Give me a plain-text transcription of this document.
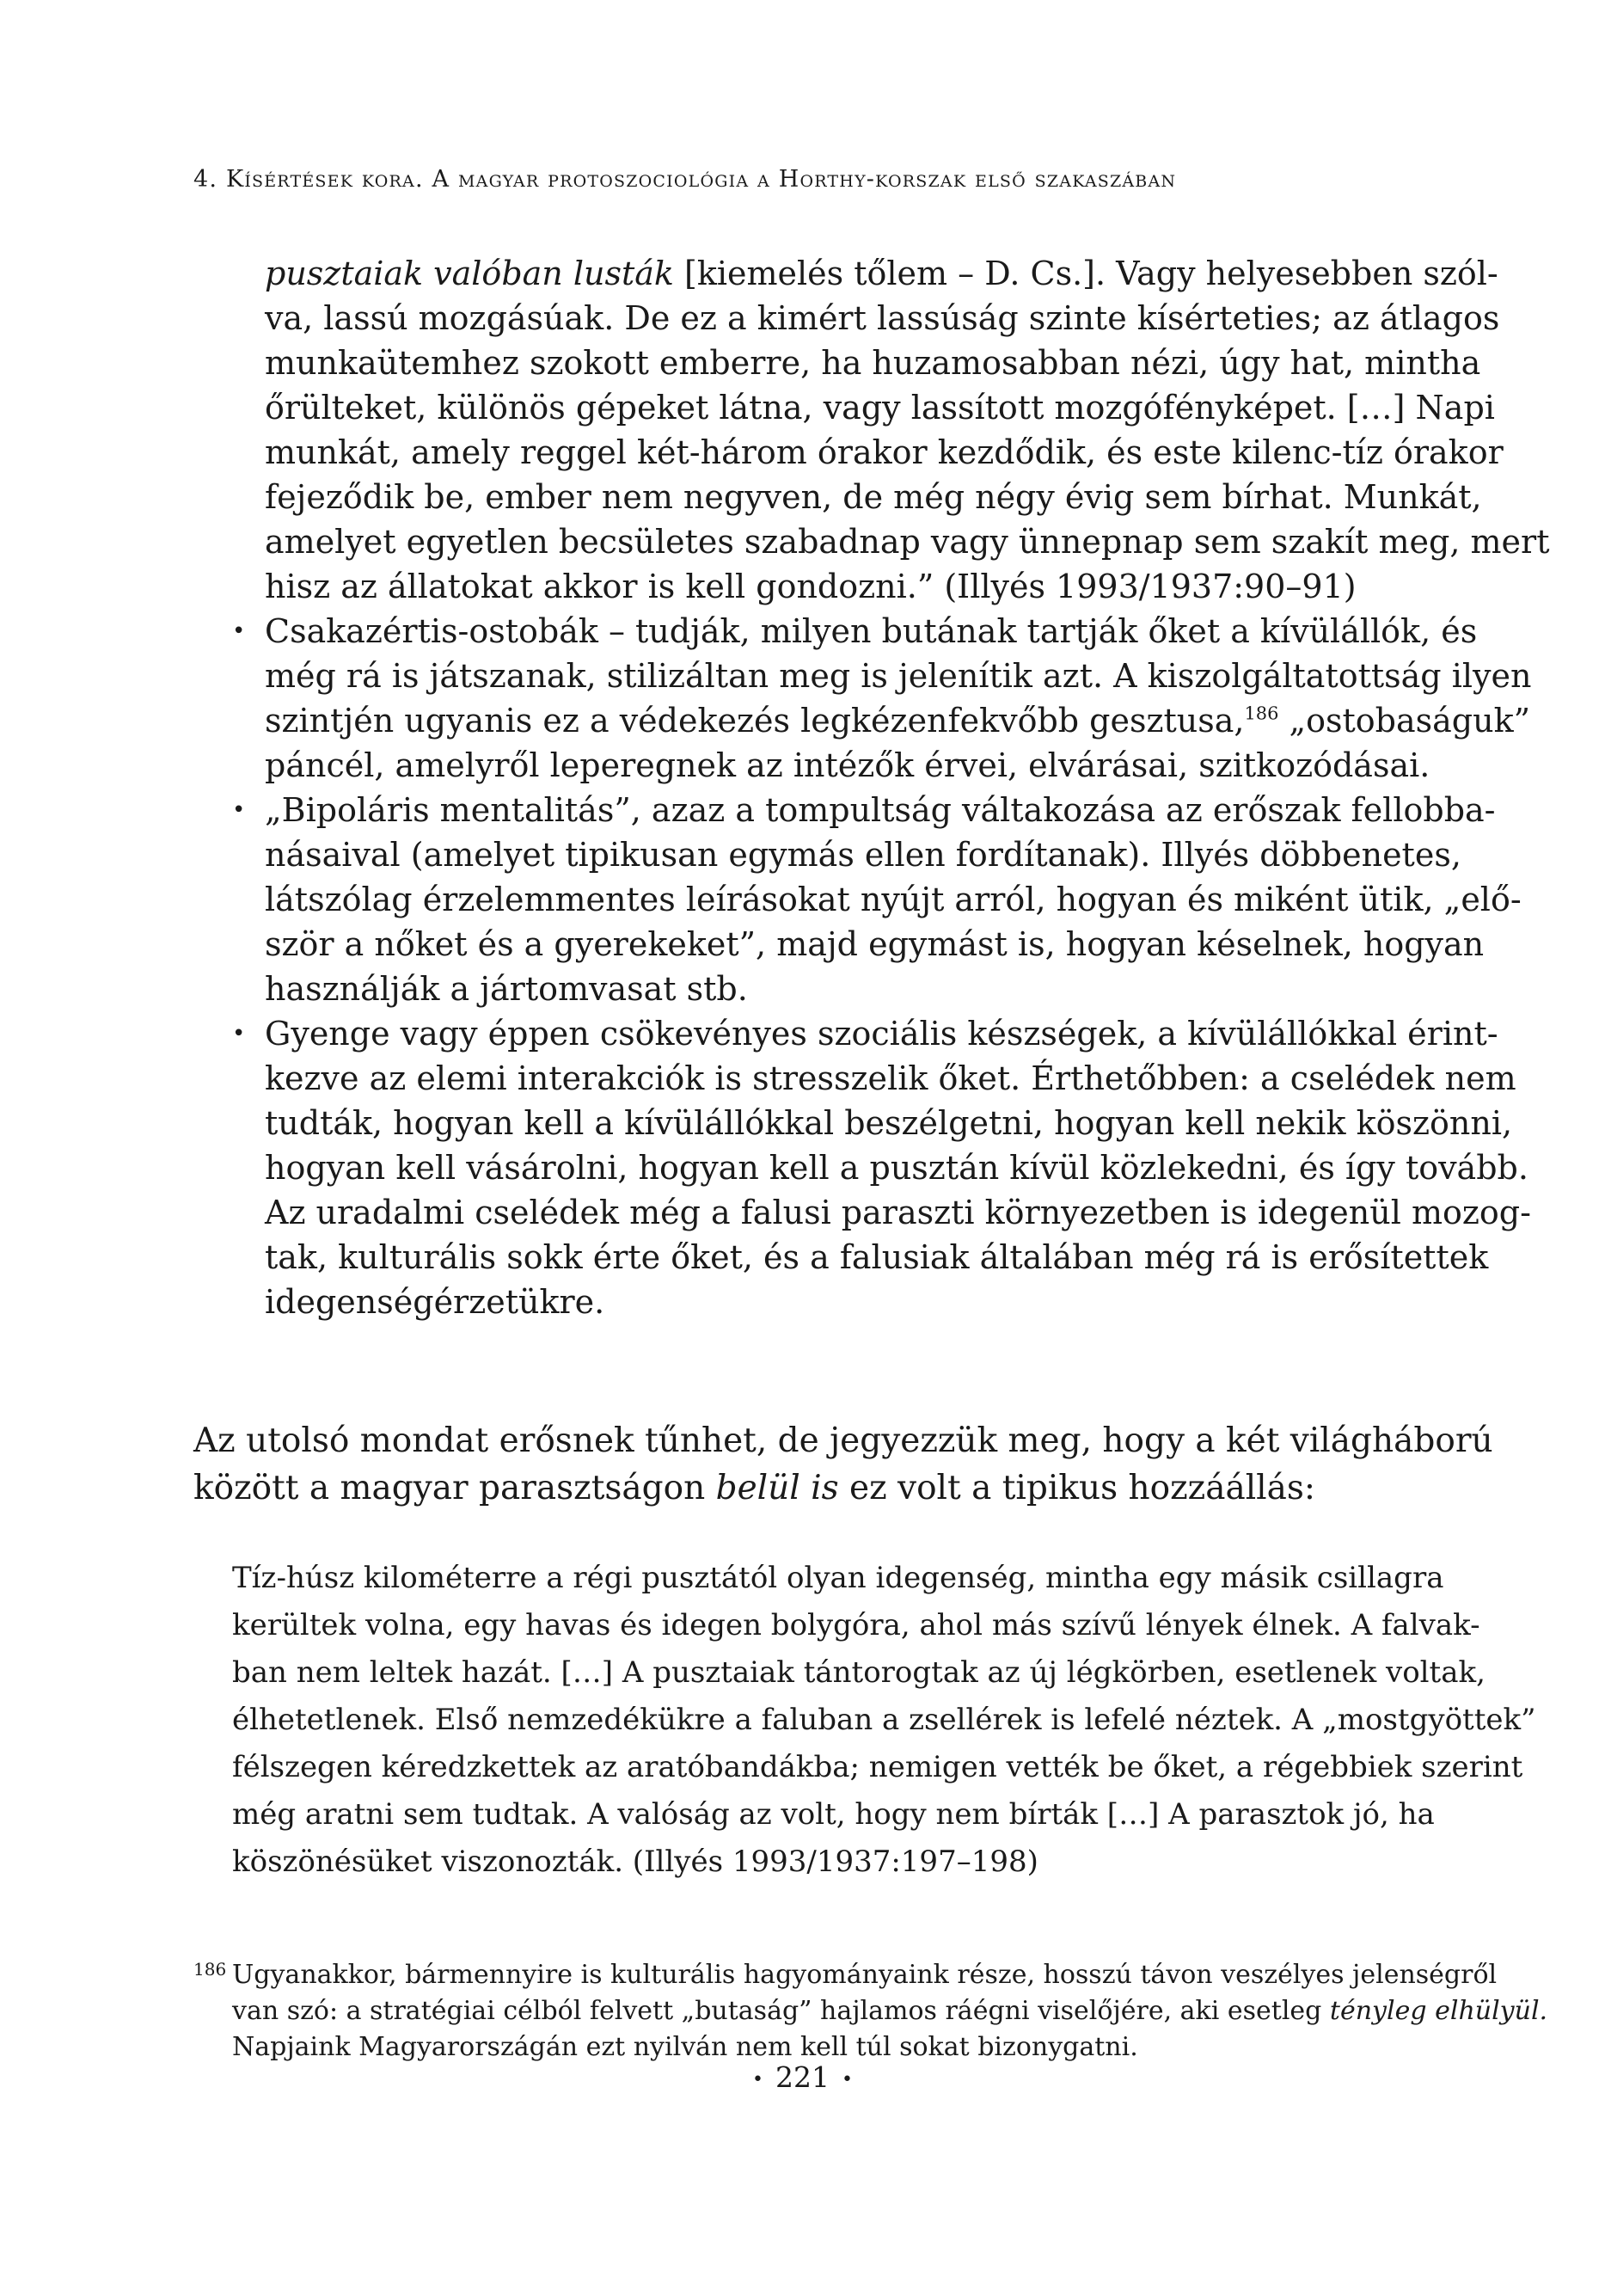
4. Kísértések kora. A magyar protoszociológia a Horthy-korszak első szakaszában
pusztaiak valóban lusták [kiemelés tőlem – D. Cs.]. Vagy helyesebben szól-
va, lassú mozgásúak. De ez a kimért lassúság szinte kísérteties; az átlagos
munkaütemhez szokott emberre, ha huzamosabban nézi, úgy hat, mintha
őrülteket, különös gépeket látna, vagy lassított mozgófényképet. […] Napi
munkát, amely reggel két-három órakor kezdődik, és este kilenc-tíz órakor
fejeződik be, ember nem negyven, de még négy évig sem bírhat. Munkát,
amelyet egyetlen becsületes szabadnap vagy ünnepnap sem szakít meg, mert
hisz az állatokat akkor is kell gondozni.” (Illyés 1993/1937:90–91)
• Csakazértis-ostobák – tudják, milyen butának tartják őket a kívülállók, és
még rá is játszanak, stilizáltan meg is jelenítik azt. A kiszolgáltatottság ilyen
szintjén ugyanis ez a védekezés legkézenfekvőbb gesztusa,$^{186}$ „ostobaságuk”
páncél, amelyről leperegnek az intézők érvei, elvárásai, szitkozódásai.
• „Bipoláris mentalitás”, azaz a tompultság váltakozása az erőszak fellobba-
násaival (amelyet tipikusan egymás ellen fordítanak). Illyés döbbenetes,
látszólag érzelemmentes leírásokat nyújt arról, hogyan és miként ütik, „elő-
ször a nőket és a gyerekeket”, majd egymást is, hogyan késelnek, hogyan
használják a jártomvasat stb.
• Gyenge vagy éppen csökevényes szociális készségek, a kívülállókkal érint-
kezve az elemi interakciók is stresszelik őket. Érthetőbben: a cselédek nem
tudták, hogyan kell a kívülállókkal beszélgetni, hogyan kell nekik köszönni,
hogyan kell vásárolni, hogyan kell a pusztán kívül közlekedni, és így tovább.
Az uradalmi cselédek még a falusi paraszti környezetben is idegenül mozog-
tak, kulturális sokk érte őket, és a falusiak általában még rá is erősítettek
idegenségérzetükre.
Az utolsó mondat erősnek tűnhet, de jegyezzük meg, hogy a két világháború
között a magyar parasztságon belül is ez volt a tipikus hozzáállás:
Tíz-húsz kilométerre a régi pusztától olyan idegenség, mintha egy másik csillagra
kerültek volna, egy havas és idegen bolygóra, ahol más szívű lények élnek. A falvak-
ban nem leltek hazát. […] A pusztaiak tántorogtak az új légkörben, esetlenek voltak,
élhetetlenek. Első nemzedékükre a faluban a zsellérek is lefelé néztek. A „mostgyöttek”
félszegen kéredzkettek az aratóbandákba; nemigen vették be őket, a régebbiek szerint
még aratni sem tudtak. A valóság az volt, hogy nem bírták […] A parasztok jó, ha
köszönésüket viszonozták. (Illyés 1993/1937:197–198)
186 Ugyanakkor, bármennyire is kulturális hagyományaink része, hosszú távon veszélyes jelenségről
van szó: a stratégiai célból felvett „butaság” hajlamos ráégni viselőjére, aki esetleg tényleg elhülyül.
Napjaink Magyarországán ezt nyilván nem kell túl sokat bizonygatni.
• 221 •
